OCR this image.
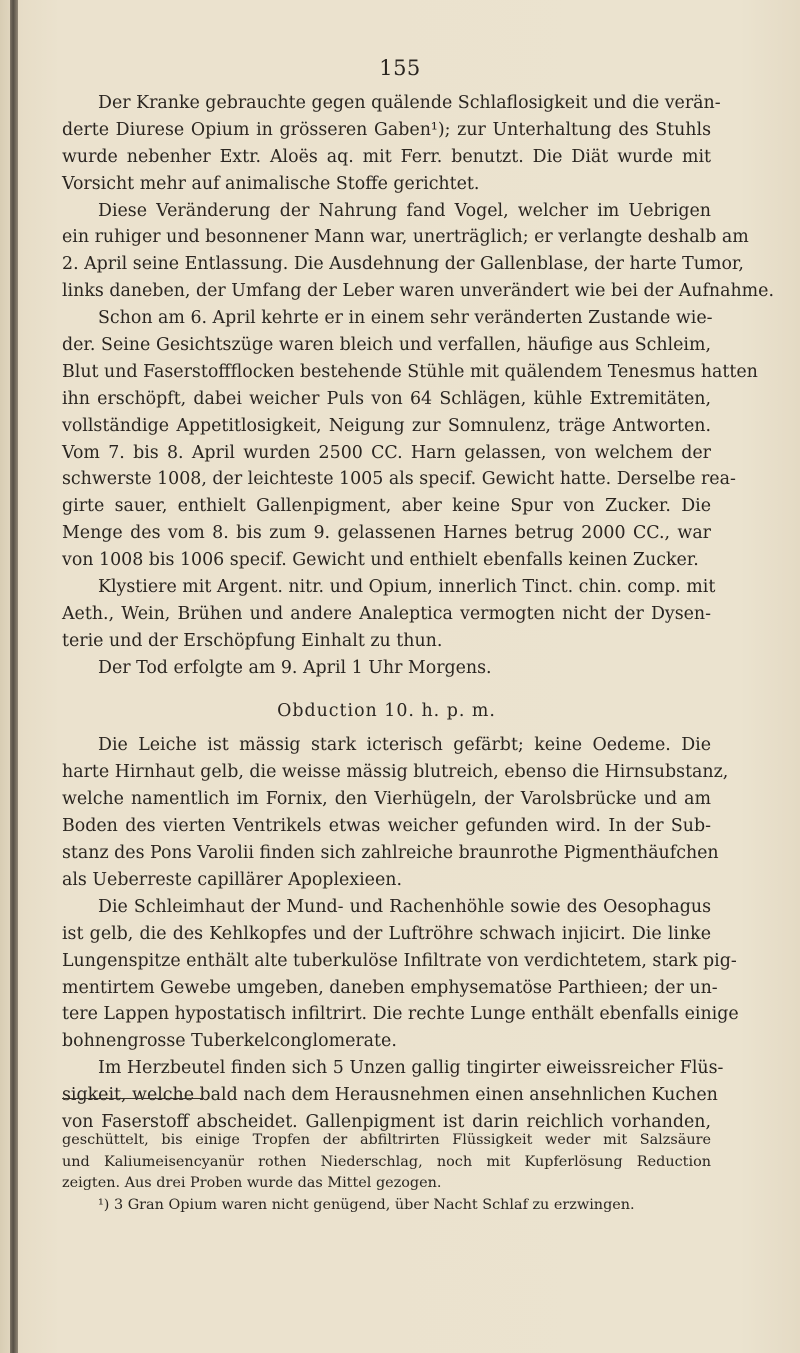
155
Der Kranke gebrauchte gegen quälende Schlaflosigkeit und die verän-
derte Diurese Opium in grösseren Gaben¹); zur Unterhaltung des Stuhls
wurde nebenher Extr. Aloës aq. mit Ferr. benutzt. Die Diät wurde mit
Vorsicht mehr auf animalische Stoffe gerichtet.
Diese Veränderung der Nahrung fand Vogel, welcher im Uebrigen
ein ruhiger und besonnener Mann war, unerträglich; er verlangte deshalb am
2. April seine Entlassung. Die Ausdehnung der Gallenblase, der harte Tumor,
links daneben, der Umfang der Leber waren unverändert wie bei der Aufnahme.
Schon am 6. April kehrte er in einem sehr veränderten Zustande wie-
der. Seine Gesichtszüge waren bleich und verfallen, häufige aus Schleim,
Blut und Faserstoffflocken bestehende Stühle mit quälendem Tenesmus hatten
ihn erschöpft, dabei weicher Puls von 64 Schlägen, kühle Extremitäten,
vollständige Appetitlosigkeit, Neigung zur Somnulenz, träge Antworten.
Vom 7. bis 8. April wurden 2500 CC. Harn gelassen, von welchem der
schwerste 1008, der leichteste 1005 als specif. Gewicht hatte. Derselbe rea-
girte sauer, enthielt Gallenpigment, aber keine Spur von Zucker. Die
Menge des vom 8. bis zum 9. gelassenen Harnes betrug 2000 CC., war
von 1008 bis 1006 specif. Gewicht und enthielt ebenfalls keinen Zucker.
Klystiere mit Argent. nitr. und Opium, innerlich Tinct. chin. comp. mit
Aeth., Wein, Brühen und andere Analeptica vermogten nicht der Dysen-
terie und der Erschöpfung Einhalt zu thun.
Der Tod erfolgte am 9. April 1 Uhr Morgens.
Obduction 10. h. p. m.
Die Leiche ist mässig stark icterisch gefärbt; keine Oedeme. Die
harte Hirnhaut gelb, die weisse mässig blutreich, ebenso die Hirnsubstanz,
welche namentlich im Fornix, den Vierhügeln, der Varolsbrücke und am
Boden des vierten Ventrikels etwas weicher gefunden wird. In der Sub-
stanz des Pons Varolii finden sich zahlreiche braunrothe Pigmenthäufchen
als Ueberreste capillärer Apoplexieen.
Die Schleimhaut der Mund- und Rachenhöhle sowie des Oesophagus
ist gelb, die des Kehlkopfes und der Luftröhre schwach injicirt. Die linke
Lungenspitze enthält alte tuberkulöse Infiltrate von verdichtetem, stark pig-
mentirtem Gewebe umgeben, daneben emphysematöse Parthieen; der un-
tere Lappen hypostatisch infiltrirt. Die rechte Lunge enthält ebenfalls einige
bohnengrosse Tuberkelconglomerate.
Im Herzbeutel finden sich 5 Unzen gallig tingirter eiweissreicher Flüs-
sigkeit, welche bald nach dem Herausnehmen einen ansehnlichen Kuchen
von Faserstoff abscheidet. Gallenpigment ist darin reichlich vorhanden,
geschüttelt, bis einige Tropfen der abfiltrirten Flüssigkeit weder mit Salzsäure
und Kaliumeisencyanür rothen Niederschlag, noch mit Kupferlösung Reduction
zeigten. Aus drei Proben wurde das Mittel gezogen.
¹) 3 Gran Opium waren nicht genügend, über Nacht Schlaf zu erzwingen.
